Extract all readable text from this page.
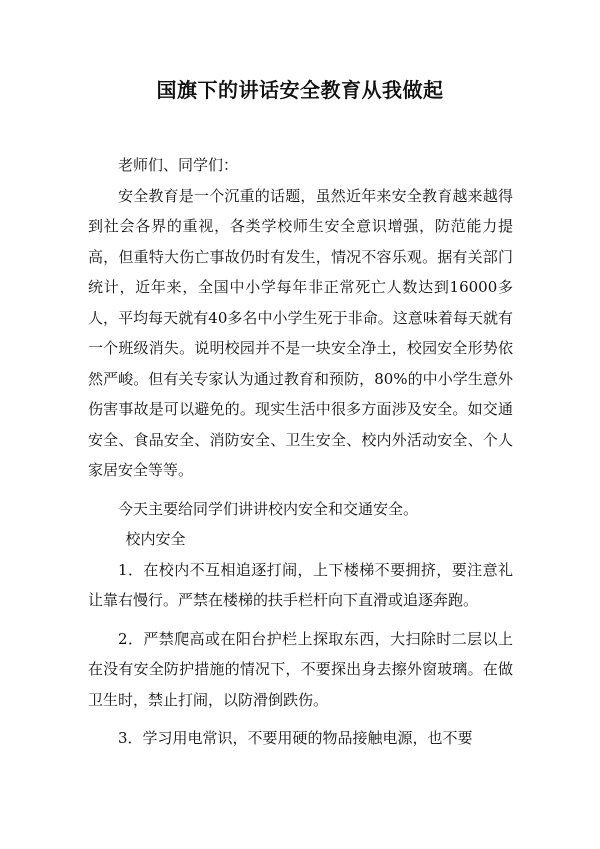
国旗下的讲话安全教育从我做起

老师们、同学们：

安全教育是一个沉重的话题，虽然近年来安全教育越来越得到社会各界的重视，各类学校师生安全意识增强，防范能力提高，但重特大伤亡事故仍时有发生，情况不容乐观。据有关部门统计，近年来，全国中小学每年非正常死亡人数达到16000多人，平均每天就有40多名中小学生死于非命。这意味着每天就有一个班级消失。说明校园并不是一块安全净土，校园安全形势依然严峻。但有关专家认为通过教育和预防，80%的中小学生意外伤害事故是可以避免的。现实生活中很多方面涉及安全。如交通安全、食品安全、消防安全、卫生安全、校内外活动安全、个人家居安全等等。

今天主要给同学们讲讲校内安全和交通安全。

校内安全

1．在校内不互相追逐打闹，上下楼梯不要拥挤，要注意礼让靠右慢行。严禁在楼梯的扶手栏杆向下直滑或追逐奔跑。

2．严禁爬高或在阳台护栏上探取东西，大扫除时二层以上在没有安全防护措施的情况下，不要探出身去擦外窗玻璃。在做卫生时，禁止打闹，以防滑倒跌伤。

3．学习用电常识，不要用硬的物品接触电源，也不要
